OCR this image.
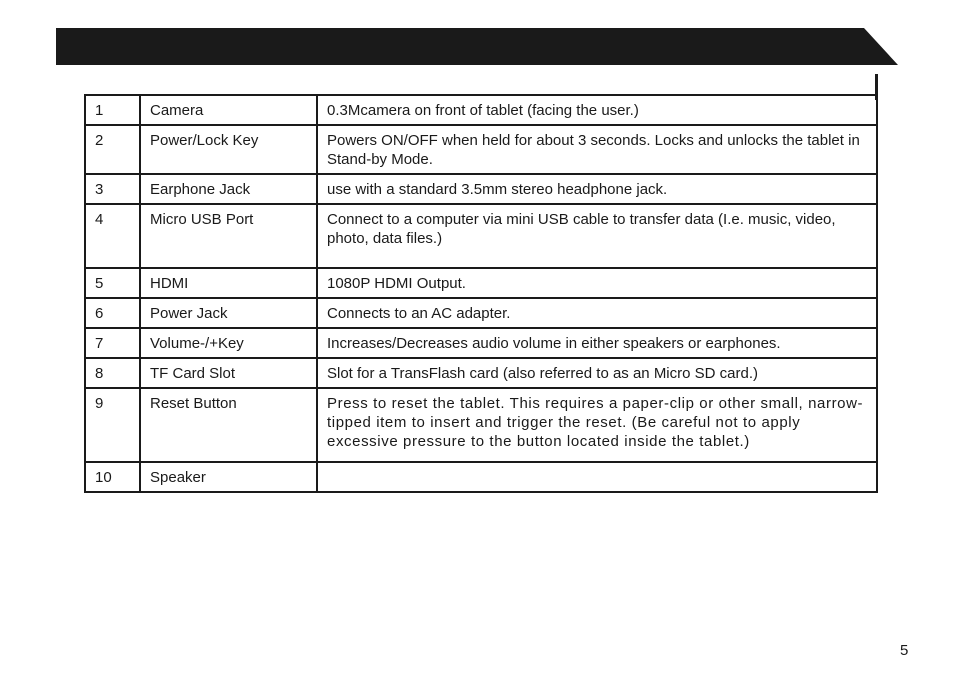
1	Camera	0.3Mcamera on front of tablet (facing the user.)
2	Power/Lock Key	Powers ON/OFF when held for about 3 seconds. Locks and unlocks the tablet in Stand-by Mode.
3	Earphone Jack	use with a standard 3.5mm stereo headphone jack.
4	Micro USB Port	Connect to a computer via mini USB cable to transfer data (I.e. music, video, photo, data files.)
5	HDMI	1080P HDMI Output.
6	Power Jack	Connects to an AC adapter.
7	Volume-/+Key	Increases/Decreases audio volume in either speakers or earphones.
8	TF Card Slot	Slot for a TransFlash card (also referred to as an Micro SD card.)
9	Reset Button	Press to reset the tablet. This requires a paper-clip or other small, narrow-tipped item to insert and trigger the reset. (Be careful not to apply excessive pressure to the button located inside the tablet.)
10	Speaker	
5
